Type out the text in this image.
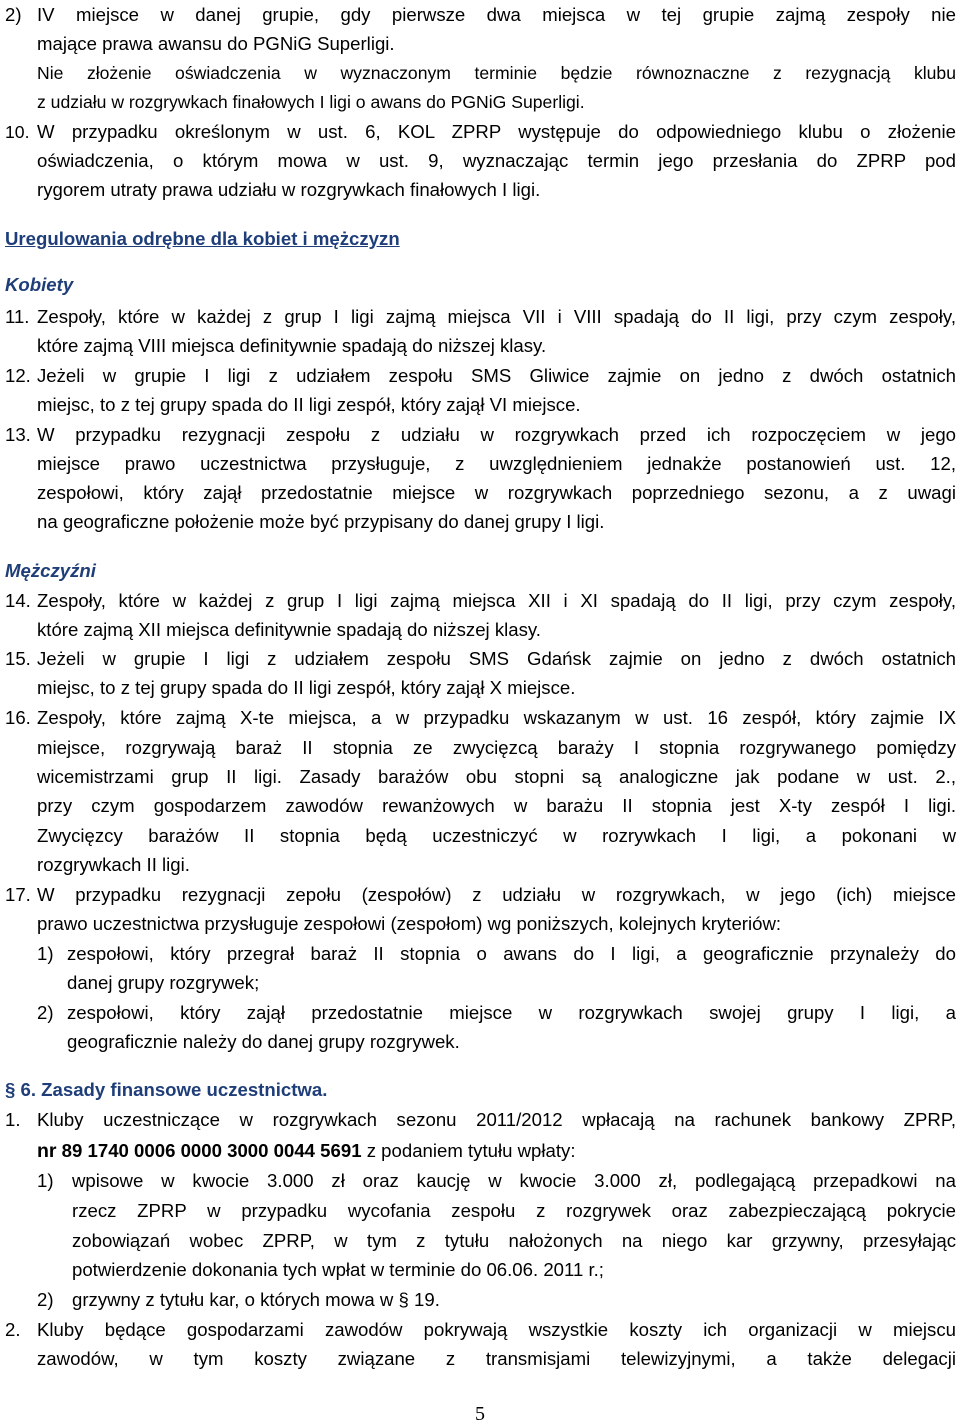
2) IV miejsce w danej grupie, gdy pierwsze dwa miejsca w tej grupie zajmą zespoły nie
mające prawa awansu do PGNiG Superligi.
Nie złożenie oświadczenia w wyznaczonym terminie będzie równoznaczne z rezygnacją klubu
z udziału w rozgrywkach finałowych I ligi o awans do PGNiG Superligi.
10. W przypadku określonym w ust. 6, KOL ZPRP występuje do odpowiedniego klubu o złożenie
oświadczenia, o którym mowa w ust. 9, wyznaczając termin jego przesłania do ZPRP pod
rygorem utraty prawa udziału w rozgrywkach finałowych I ligi.
Uregulowania odrębne dla kobiet i mężczyzn
Kobiety
11. Zespoły, które w każdej z grup I ligi zajmą miejsca VII i VIII spadają do II ligi, przy czym zespoły,
które zajmą VIII miejsca definitywnie spadają do niższej klasy.
12. Jeżeli w grupie I ligi z udziałem zespołu SMS Gliwice zajmie on jedno z dwóch ostatnich
miejsc, to z tej grupy spada do II ligi zespół, który zajął VI miejsce.
13. W przypadku rezygnacji zespołu z udziału w rozgrywkach przed ich rozpoczęciem w jego
miejsce prawo uczestnictwa przysługuje, z uwzględnieniem jednakże postanowień ust. 12,
zespołowi, który zajął przedostatnie miejsce w rozgrywkach poprzedniego sezonu, a z uwagi
na geograficzne położenie może być przypisany do danej grupy I ligi.
Mężczyźni
14. Zespoły, które w każdej z grup I ligi zajmą miejsca XII i XI spadają do II ligi, przy czym zespoły,
które zajmą XII miejsca definitywnie spadają do niższej klasy.
15. Jeżeli w grupie I ligi z udziałem zespołu SMS Gdańsk zajmie on jedno z dwóch ostatnich
miejsc, to z tej grupy spada do II ligi zespół, który zajął X miejsce.
16. Zespoły, które zajmą X-te miejsca, a w przypadku wskazanym w ust. 16 zespół, który zajmie IX
miejsce, rozgrywają baraż II stopnia ze zwycięzcą baraży I stopnia rozgrywanego pomiędzy
wicemistrzami grup II ligi. Zasady barażów obu stopni są analogiczne jak podane w ust. 2.,
przy czym gospodarzem zawodów rewanżowych w barażu II stopnia jest X-ty zespół I ligi.
Zwycięzcy barażów II stopnia będą uczestniczyć w rozrywkach I ligi, a pokonani w
rozgrywkach II ligi.
17. W przypadku rezygnacji zepołu (zespołów) z udziału w rozgrywkach, w jego (ich) miejsce
prawo uczestnictwa przysługuje zespołowi (zespołom) wg poniższych, kolejnych kryteriów:
1) zespołowi, który przegrał baraż II stopnia o awans do I ligi, a geograficznie przynależy do
danej grupy rozgrywek;
2) zespołowi, który zajął przedostatnie miejsce w rozgrywkach swojej grupy I ligi, a
geograficznie należy do danej grupy rozgrywek.
§ 6. Zasady finansowe uczestnictwa.
1. Kluby uczestniczące w rozgrywkach sezonu 2011/2012 wpłacają na rachunek bankowy ZPRP,
nr 89 1740 0006 0000 3000 0044 5691 z podaniem tytułu wpłaty:
1) wpisowe w kwocie 3.000 zł oraz kaucję w kwocie 3.000 zł, podlegającą przepadkowi na
rzecz ZPRP w przypadku wycofania zespołu z rozgrywek oraz zabezpieczającą pokrycie
zobowiązań wobec ZPRP, w tym z tytułu nałożonych na niego kar grzywny, przesyłając
potwierdzenie dokonania tych wpłat w terminie do 06.06. 2011 r.;
2) grzywny z tytułu kar, o których mowa w § 19.
2. Kluby będące gospodarzami zawodów pokrywają wszystkie koszty ich organizacji w miejscu
zawodów, w tym koszty związane z transmisjami telewizyjnymi, a także delegacji
5
